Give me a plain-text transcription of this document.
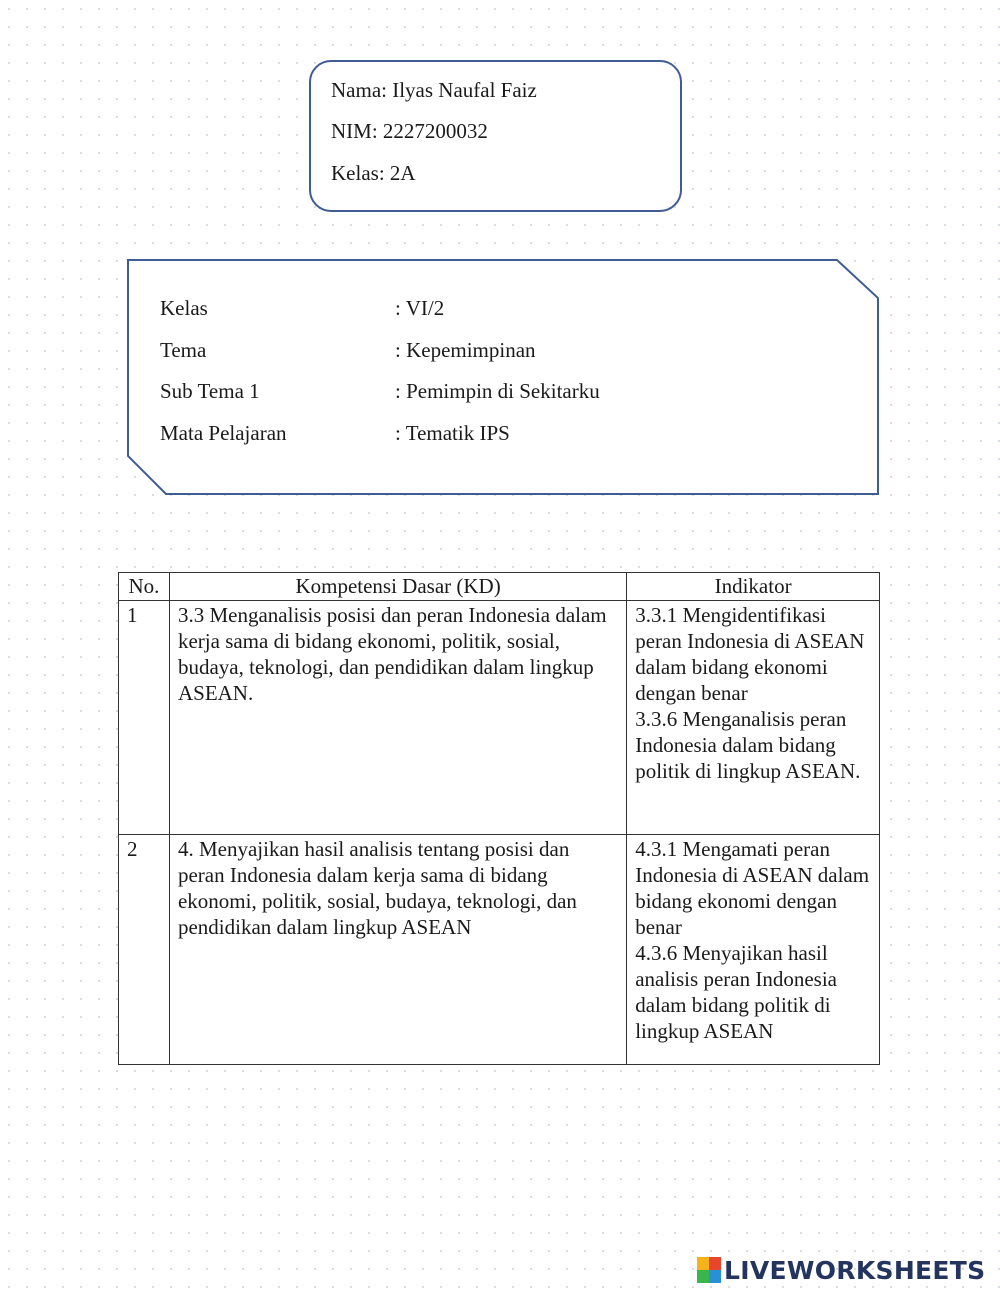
Nama: Ilyas Naufal Faiz
NIM: 2227200032
Kelas: 2A
Kelas	: VI/2
Tema	: Kepemimpinan
Sub Tema 1	: Pemimpin di Sekitarku
Mata Pelajaran	: Tematik IPS
No.	Kompetensi Dasar (KD)	Indikator
1	3.3 Menganalisis posisi dan peran Indonesia dalam kerja sama di bidang ekonomi, politik, sosial, budaya, teknologi, dan pendidikan dalam lingkup ASEAN.	3.3.1 Mengidentifikasi peran Indonesia di ASEAN dalam bidang ekonomi dengan benar
3.3.6 Menganalisis peran Indonesia dalam bidang politik di lingkup ASEAN.

2	4. Menyajikan hasil analisis tentang posisi dan peran Indonesia dalam kerja sama di bidang ekonomi, politik, sosial, budaya, teknologi, dan pendidikan dalam lingkup ASEAN	4.3.1 Mengamati peran Indonesia di ASEAN dalam bidang ekonomi dengan benar
4.3.6 Menyajikan hasil analisis peran Indonesia dalam bidang politik di lingkup ASEAN
LIVEWORKSHEETS
